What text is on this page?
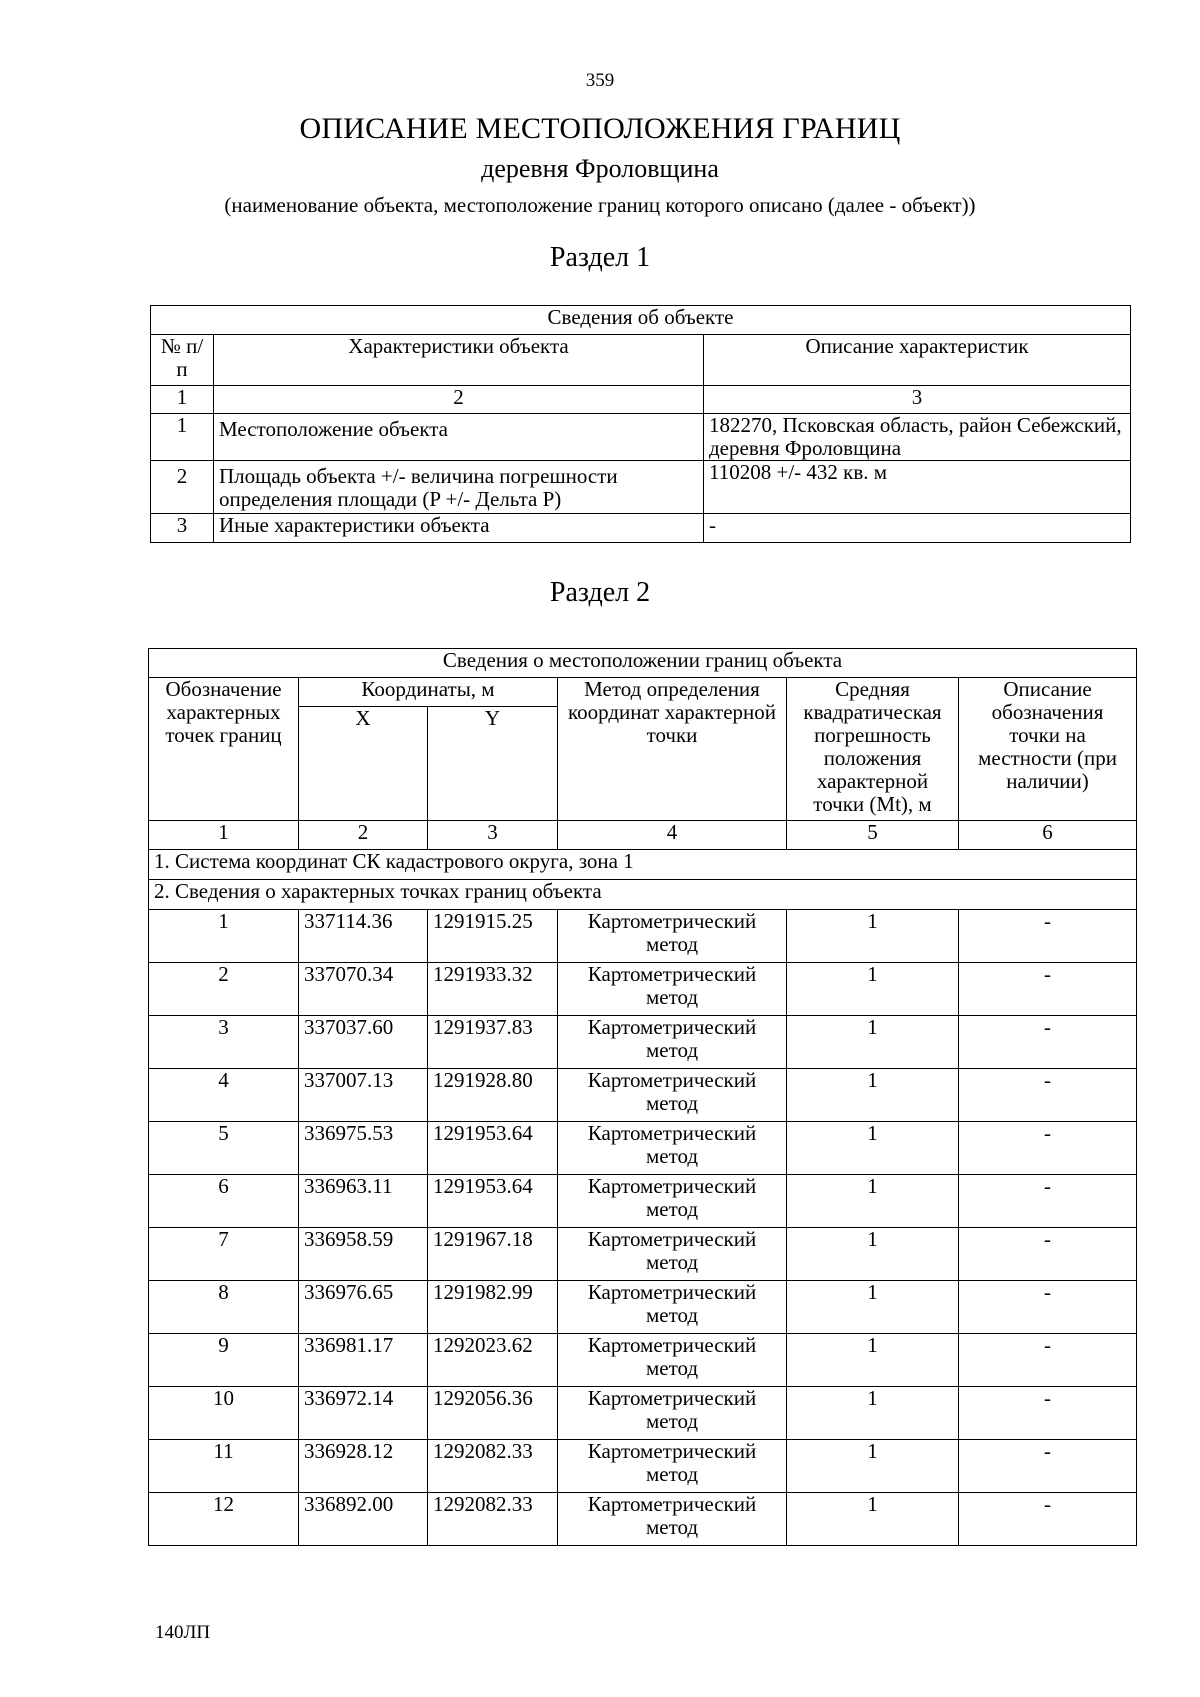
359
ОПИСАНИЕ МЕСТОПОЛОЖЕНИЯ ГРАНИЦ
деревня Фроловщина
(наименование объекта, местоположение границ которого описано (далее - объект))
Раздел 1
Сведения об объекте		
№ п/п	Характеристики объекта	Описание характеристик
1	2	3
1	Местоположение объекта	182270, Псковская область, район Себежский, деревня Фроловщина
2	Площадь объекта +/- величина погрешности определения площади (P +/- Дельта P)	110208 +/- 432 кв. м
3	Иные характеристики объекта	-
Раздел 2
Сведения о местоположении границ объекта					
Обозначение характерных точек границ	Координаты, м		Метод определения координат характерной точки	Средняя квадратическая погрешность положения характерной точки (Mt), м	Описание обозначения точки на местности (при наличии)
	X	Y			
1	2	3	4	5	6
1. Система координат СК кадастрового округа, зона 1					
2. Сведения о характерных точках границ объекта					
1	337114.36	1291915.25	Картометрический метод	1	-
2	337070.34	1291933.32	Картометрический метод	1	-
3	337037.60	1291937.83	Картометрический метод	1	-
4	337007.13	1291928.80	Картометрический метод	1	-
5	336975.53	1291953.64	Картометрический метод	1	-
6	336963.11	1291953.64	Картометрический метод	1	-
7	336958.59	1291967.18	Картометрический метод	1	-
8	336976.65	1291982.99	Картометрический метод	1	-
9	336981.17	1292023.62	Картометрический метод	1	-
10	336972.14	1292056.36	Картометрический метод	1	-
11	336928.12	1292082.33	Картометрический метод	1	-
12	336892.00	1292082.33	Картометрический метод	1	-
140ЛП
